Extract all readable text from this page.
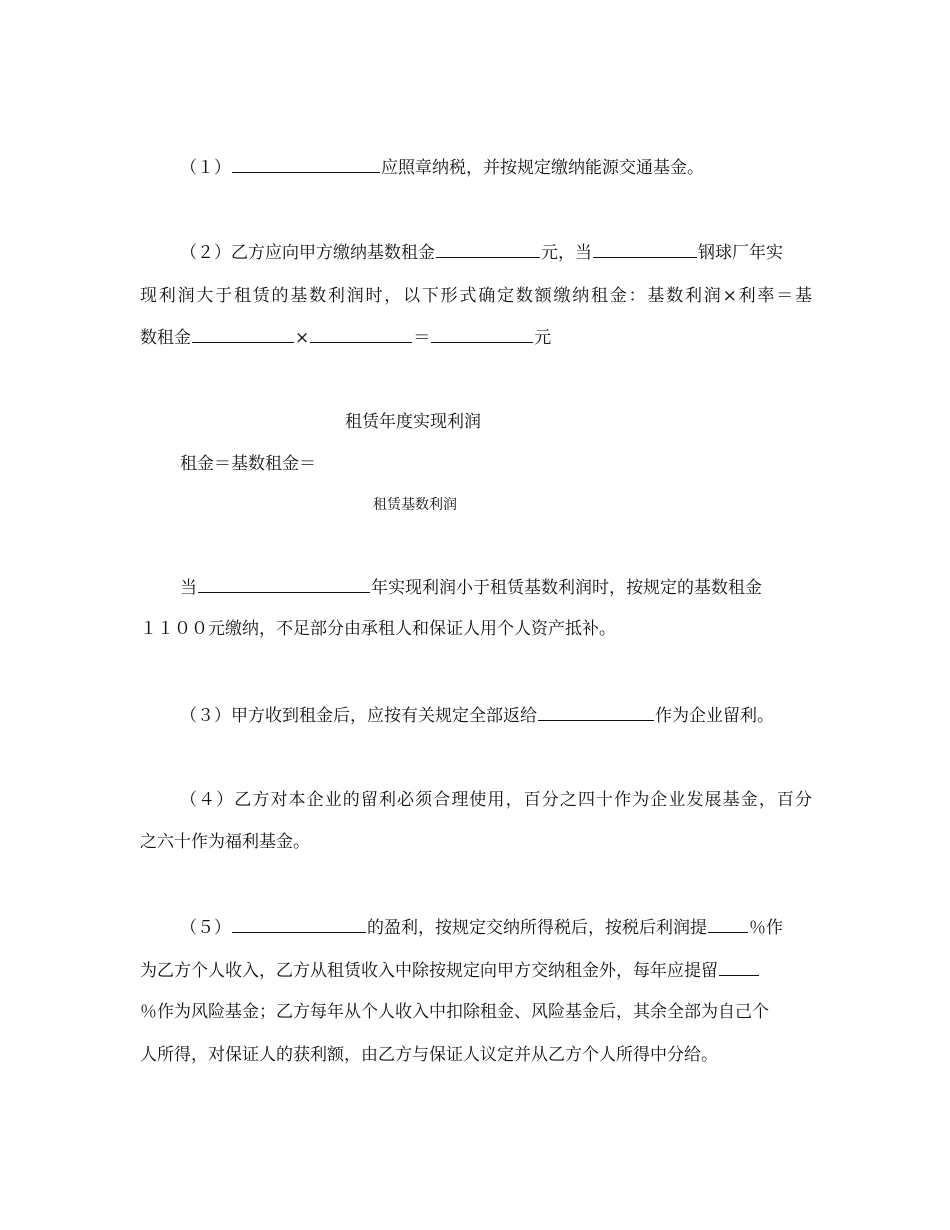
（１）	应照章纳税，并按规定缴纳能源交通基金。
（２）乙方应向甲方缴纳基数租金	元，当	钢球厂年实
现利润大于租赁的基数利润时，以下形式确定数额缴纳租金：基数利润×利率＝基
数租金	×	＝	元
租赁年度实现利润
租金＝基数租金＝
租赁基数利润
当	年实现利润小于租赁基数利润时，按规定的基数租金
１１００元缴纳，不足部分由承租人和保证人用个人资产抵补。
（３）甲方收到租金后，应按有关规定全部返给	作为企业留利。
（４）乙方对本企业的留利必须合理使用，百分之四十作为企业发展基金，百分
之六十作为福利基金。
（５）	的盈利，按规定交纳所得税后，按税后利润提 ％作
为乙方个人收入，乙方从租赁收入中除按规定向甲方交纳租金外，每年应提留
％作为风险基金；乙方每年从个人收入中扣除租金、风险基金后，其余全部为自己个
人所得，对保证人的获利额，由乙方与保证人议定并从乙方个人所得中分给。
